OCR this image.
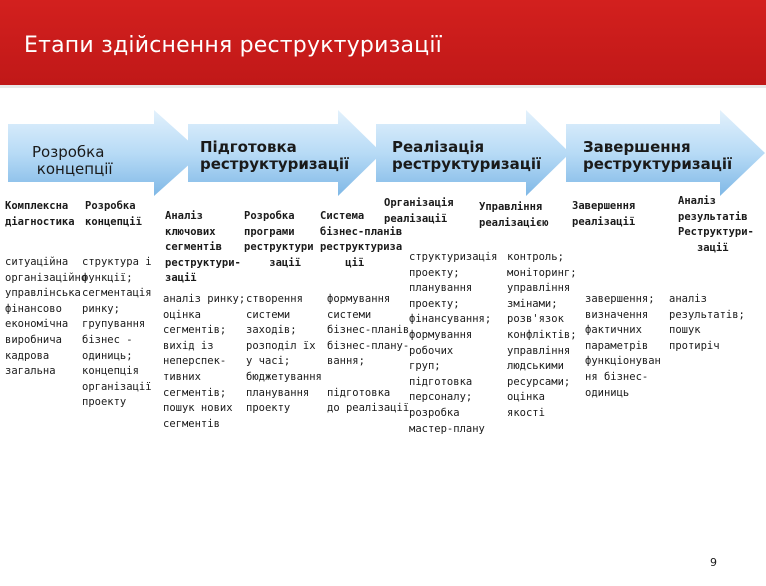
Етапи здійснення реструктуризації
Розробка
концепції
Підготовка
реструктуризації
Реалізація
реструктуризації
Завершення
реструктуризації
Комплексна
діагностика
Розробка
концепції
ситуаційна
організаційно
управлінська
фінансово
економічна
виробнича
кадрова
загальна
структура і
функції;
сегментація
ринку;
групування
бізнес -
одиниць;
концепція
організації
проекту
Аналіз
ключових
сегментів
реструктури-
зації
Розробка
програми
реструктури
зації
Система
бізнес-планів
реструктуриза
ції
аналіз ринку;
оцінка
сегментів;
вихід із
неперспек-
тивних
сегментів;
пошук нових
сегментів
створення
системи
заходів;
розподіл їх
у часі;
бюджетування
планування
проекту
формування
системи
бізнес-планів
бізнес-плану-
вання;

підготовка
до реалізації
Організація
реалізації
Управління
реалізацією
структуризація
проекту;
планування
проекту;
фінансування;
формування
робочих
груп;
підготовка
персоналу;
розробка
мастер-плану
контроль;
моніторинг;
управління
змінами;
розв'язок
конфліктів;
управління
людськими
ресурсами;
оцінка
якості
Завершення
реалізації
Аналіз
результатів
Реструктури-
зації
завершення;
визначення
фактичних
параметрів
функціонуван
ня бізнес-
одиниць
аналіз
результатів;
пошук
протиріч
9
